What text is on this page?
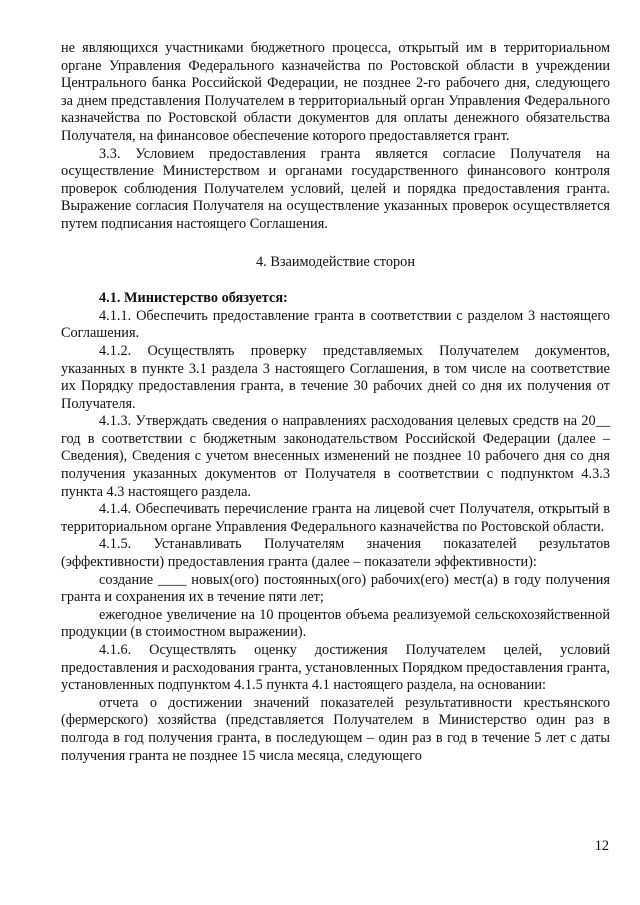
не являющихся участниками бюджетного процесса, открытый им в территориальном органе Управления Федерального казначейства по Ростовской области в учреждении Центрального банка Российской Федерации, не позднее 2-го рабочего дня, следующего за днем представления Получателем в территориальный орган Управления Федерального казначейства по Ростовской области документов для оплаты денежного обязательства Получателя, на финансовое обеспечение которого предоставляется грант.

3.3. Условием предоставления гранта является согласие Получателя на осуществление Министерством и органами государственного финансового контроля проверок соблюдения Получателем условий, целей и порядка предоставления гранта. Выражение согласия Получателя на осуществление указанных проверок осуществляется путем подписания настоящего Соглашения.

4. Взаимодействие сторон

4.1. Министерство обязуется:

4.1.1. Обеспечить предоставление гранта в соответствии с разделом 3 настоящего Соглашения.

4.1.2. Осуществлять проверку представляемых Получателем документов, указанных в пункте 3.1 раздела 3 настоящего Соглашения, в том числе на соответствие их Порядку предоставления гранта, в течение 30 рабочих дней со дня их получения от Получателя.

4.1.3. Утверждать сведения о направлениях расходования целевых средств на 20__ год в соответствии с бюджетным законодательством Российской Федерации (далее – Сведения), Сведения с учетом внесенных изменений не позднее 10 рабочего дня со дня получения указанных документов от Получателя в соответствии с подпунктом 4.3.3 пункта 4.3 настоящего раздела.

4.1.4. Обеспечивать перечисление гранта на лицевой счет Получателя, открытый в территориальном органе Управления Федерального казначейства по Ростовской области.

4.1.5. Устанавливать Получателям значения показателей результатов (эффективности) предоставления гранта (далее – показатели эффективности):

создание ____ новых(ого) постоянных(ого) рабочих(его) мест(а) в году получения гранта и сохранения их в течение пяти лет;

ежегодное увеличение на 10 процентов объема реализуемой сельскохозяйственной продукции (в стоимостном выражении).

4.1.6. Осуществлять оценку достижения Получателем целей, условий предоставления и расходования гранта, установленных Порядком предоставления гранта, установленных подпунктом 4.1.5 пункта 4.1 настоящего раздела, на основании:

отчета о достижении значений показателей результативности крестьянского (фермерского) хозяйства (представляется Получателем в Министерство один раз в полгода в год получения гранта, в последующем – один раз в год в течение 5 лет с даты получения гранта не позднее 15 числа месяца, следующего

12
